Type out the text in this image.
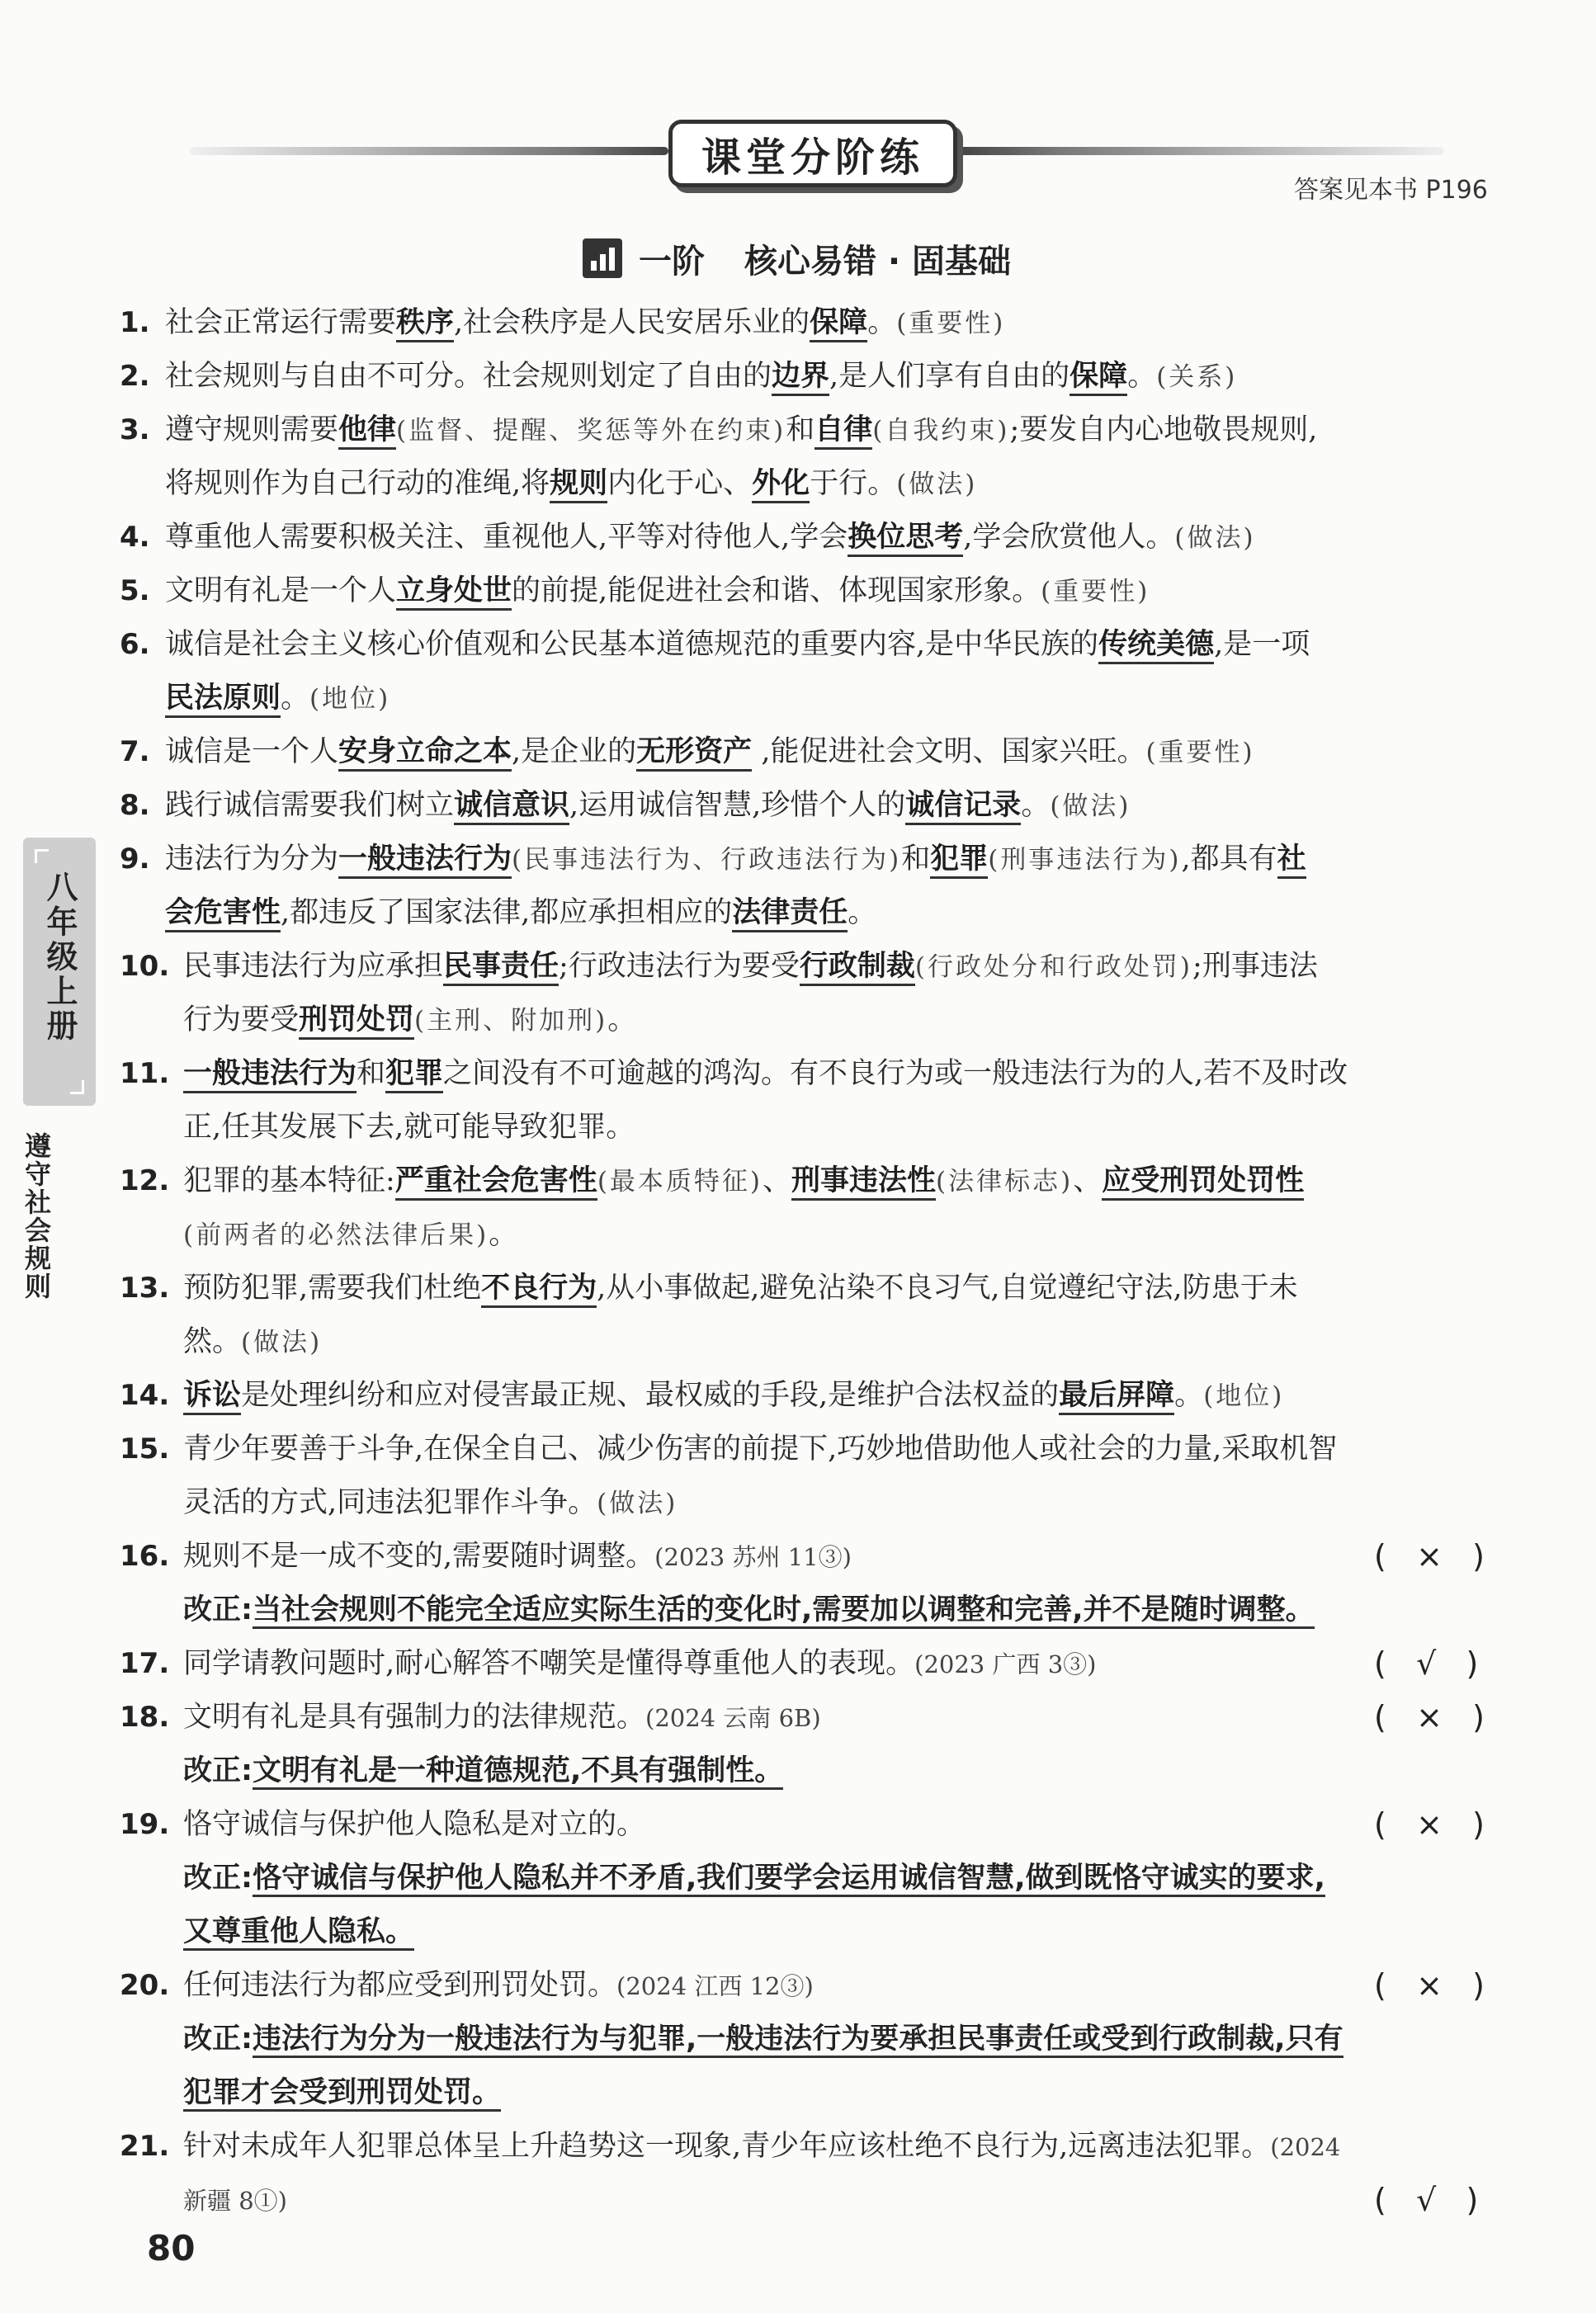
课堂分阶练
答案见本书 P196
一阶 核心易错 · 固基础
八年级上册
遵守社会规则
1. 社会正常运行需要秩序,社会秩序是人民安居乐业的保障。(重要性)
2. 社会规则与自由不可分。社会规则划定了自由的边界,是人们享有自由的保障。(关系)
3. 遵守规则需要他律(监督、提醒、奖惩等外在约束)和自律(自我约束);要发自内心地敬畏规则,
将规则作为自己行动的准绳,将规则内化于心、外化于行。(做法)
4. 尊重他人需要积极关注、重视他人,平等对待他人,学会换位思考,学会欣赏他人。(做法)
5. 文明有礼是一个人立身处世的前提,能促进社会和谐、体现国家形象。(重要性)
6. 诚信是社会主义核心价值观和公民基本道德规范的重要内容,是中华民族的传统美德,是一项
民法原则。(地位)
7. 诚信是一个人安身立命之本,是企业的无形资产 ,能促进社会文明、国家兴旺。(重要性)
8. 践行诚信需要我们树立诚信意识,运用诚信智慧,珍惜个人的诚信记录。(做法)
9. 违法行为分为一般违法行为(民事违法行为、行政违法行为)和犯罪(刑事违法行为),都具有社
会危害性,都违反了国家法律,都应承担相应的法律责任。
10. 民事违法行为应承担民事责任;行政违法行为要受行政制裁(行政处分和行政处罚);刑事违法
行为要受刑罚处罚(主刑、附加刑)。
11. 一般违法行为和犯罪之间没有不可逾越的鸿沟。有不良行为或一般违法行为的人,若不及时改
正,任其发展下去,就可能导致犯罪。
12. 犯罪的基本特征:严重社会危害性(最本质特征)、刑事违法性(法律标志)、应受刑罚处罚性
(前两者的必然法律后果)。
13. 预防犯罪,需要我们杜绝不良行为,从小事做起,避免沾染不良习气,自觉遵纪守法,防患于未
然。(做法)
14. 诉讼是处理纠纷和应对侵害最正规、最权威的手段,是维护合法权益的最后屏障。(地位)
15. 青少年要善于斗争,在保全自己、减少伤害的前提下,巧妙地借助他人或社会的力量,采取机智
灵活的方式,同违法犯罪作斗争。(做法)
16. 规则不是一成不变的,需要随时调整。(2023 苏州 11③)	(   ×   )
改正:当社会规则不能完全适应实际生活的变化时,需要加以调整和完善,并不是随时调整。
17. 同学请教问题时,耐心解答不嘲笑是懂得尊重他人的表现。(2023 广西 3③)	(   √   )
18. 文明有礼是具有强制力的法律规范。(2024 云南 6B)	(   ×   )
改正:文明有礼是一种道德规范,不具有强制性。
19. 恪守诚信与保护他人隐私是对立的。	(   ×   )
改正:恪守诚信与保护他人隐私并不矛盾,我们要学会运用诚信智慧,做到既恪守诚实的要求,
又尊重他人隐私。
20. 任何违法行为都应受到刑罚处罚。(2024 江西 12③)	(   ×   )
改正:违法行为分为一般违法行为与犯罪,一般违法行为要承担民事责任或受到行政制裁,只有
犯罪才会受到刑罚处罚。
21. 针对未成年人犯罪总体呈上升趋势这一现象,青少年应该杜绝不良行为,远离违法犯罪。(2024
新疆 8①)	(   √   )
80
